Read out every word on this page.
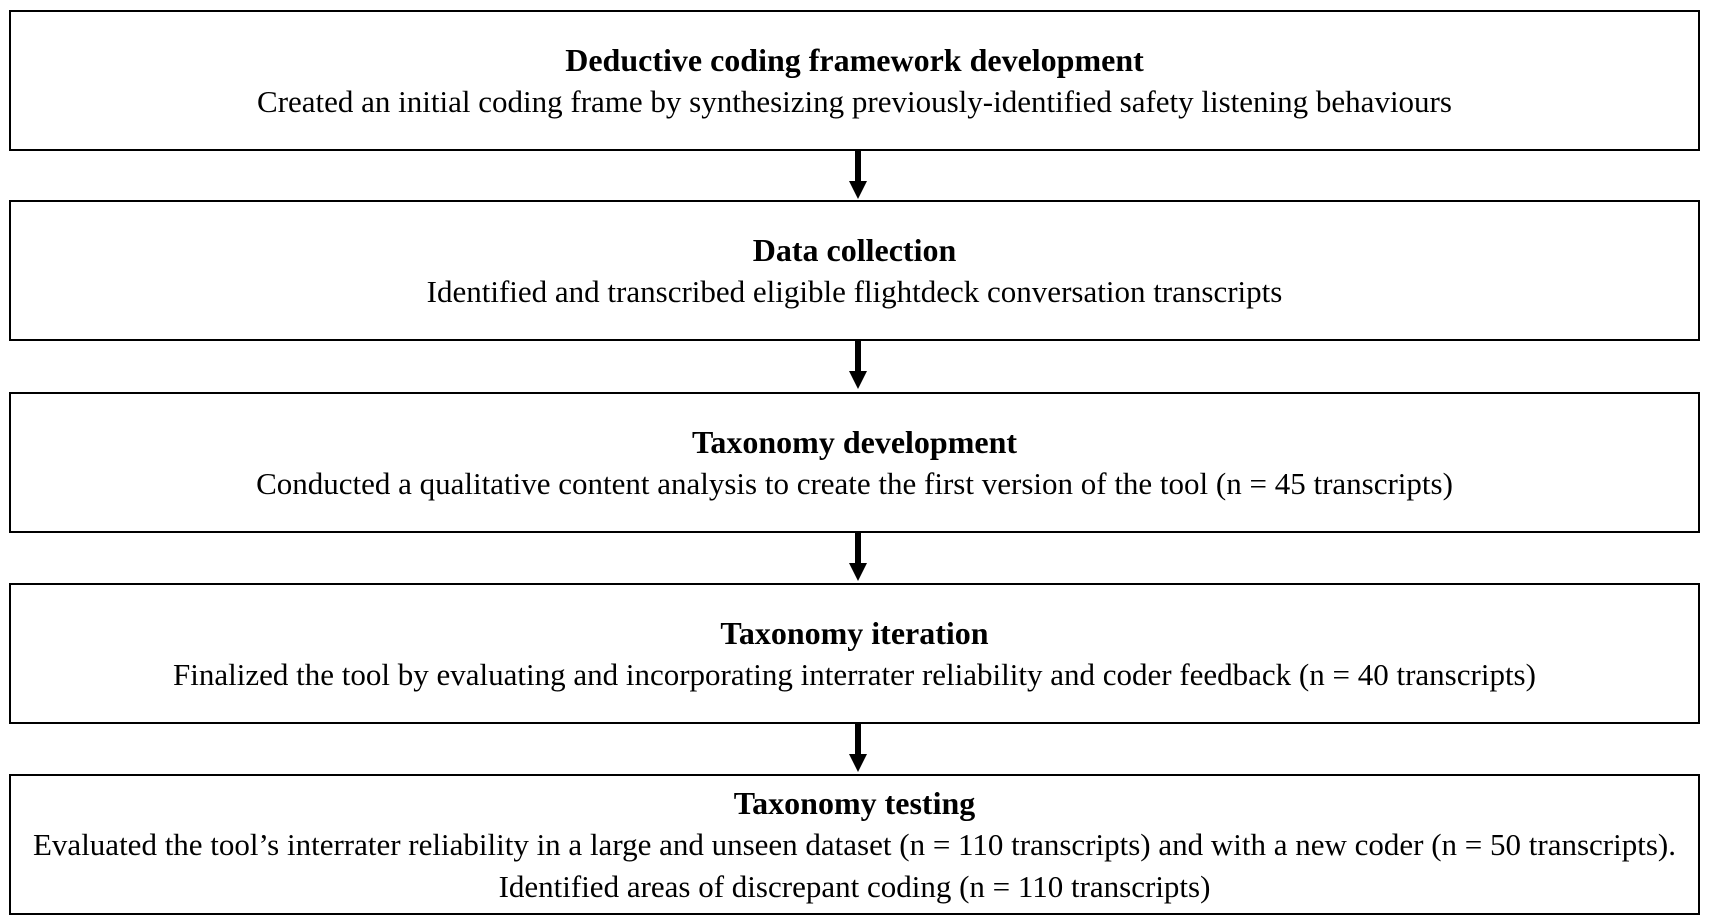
Deductive coding framework development
Created an initial coding frame by synthesizing previously-identified safety listening behaviours
Data collection
Identified and transcribed eligible flightdeck conversation transcripts
Taxonomy development
Conducted a qualitative content analysis to create the first version of the tool (n = 45 transcripts)
Taxonomy iteration
Finalized the tool by evaluating and incorporating interrater reliability and coder feedback (n = 40 transcripts)
Taxonomy testing
Evaluated the tool’s interrater reliability in a large and unseen dataset (n = 110 transcripts) and with a new coder (n = 50 transcripts). Identified areas of discrepant coding (n = 110 transcripts)
